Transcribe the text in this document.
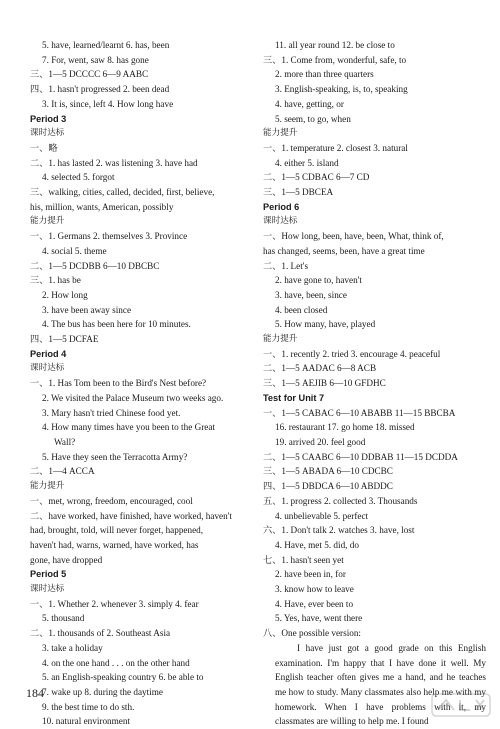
5. have, learned/learnt 6. has, been
7. For, went, saw 8. has gone
三、1—5 DCCCC 6—9 AABC
四、1. hasn't progressed 2. been dead
3. It is, since, left 4. How long have
Period 3
课时达标
一、略
二、1. has lasted 2. was listening 3. have had
4. selected 5. forgot
三、walking, cities, called, decided, first, believe,
his, million, wants, American, possibly
能力提升
一、1. Germans 2. themselves 3. Province
4. social 5. theme
二、1—5 DCDBB 6—10 DBCBC
三、1. has be
2. How long
3. have been away since
4. The bus has been here for 10 minutes.
四、1—5 DCFAE
Period 4
课时达标
一、1. Has Tom been to the Bird's Nest before?
2. We visited the Palace Museum two weeks ago.
3. Mary hasn't tried Chinese food yet.
4. How many times have you been to the Great
Wall?
5. Have they seen the Terracotta Army?
二、1—4 ACCA
能力提升
一、met, wrong, freedom, encouraged, cool
二、have worked, have finished, have worked, haven't
had, brought, told, will never forget, happened,
haven't had, warns, warned, have worked, has
gone, have dropped
Period 5
课时达标
一、1. Whether 2. whenever 3. simply 4. fear
5. thousand
二、1. thousands of 2. Southeast Asia
3. take a holiday
4. on the one hand . . . on the other hand
5. an English-speaking country 6. be able to
7. wake up 8. during the daytime
9. the best time to do sth.
10. natural environment
11. all year round 12. be close to
三、1. Come from, wonderful, safe, to
2. more than three quarters
3. English-speaking, is, to, speaking
4. have, getting, or
5. seem, to go, when
能力提升
一、1. temperature 2. closest 3. natural
4. either 5. island
二、1—5 CDBAC 6—7 CD
三、1—5 DBCEA
Period 6
课时达标
一、How long, been, have, been, What, think of,
has changed, seems, been, have a great time
二、1. Let's
2. have gone to, haven't
3. have, been, since
4. been closed
5. How many, have, played
能力提升
一、1. recently 2. tried 3. encourage 4. peaceful
二、1—5 AADAC 6—8 ACB
三、1—5 AEJIB 6—10 GFDHC
Test for Unit 7
一、1—5 CABAC 6—10 ABABB 11—15 BBCBA
16. restaurant 17. go home 18. missed
19. arrived 20. feel good
二、1—5 CAABC 6—10 DDBAB 11—15 DCDDA
三、1—5 ABADA 6—10 CDCBC
四、1—5 DBDCA 6—10 ABDDC
五、1. progress 2. collected 3. Thousands
4. unbelievable 5. perfect
六、1. Don't talk 2. watches 3. have, lost
4. Have, met 5. did, do
七、1. hasn't seen yet
2. have been in, for
3. know how to leave
4. Have, ever been to
5. Yes, have, went there
八、One possible version:
I have just got a good grade on this English examination. I'm happy that I have done it well. My English teacher often gives me a hand, and he teaches me how to study. Many classmates also help me with my homework. When I have problems with it, my classmates are willing to help me. I found
184
